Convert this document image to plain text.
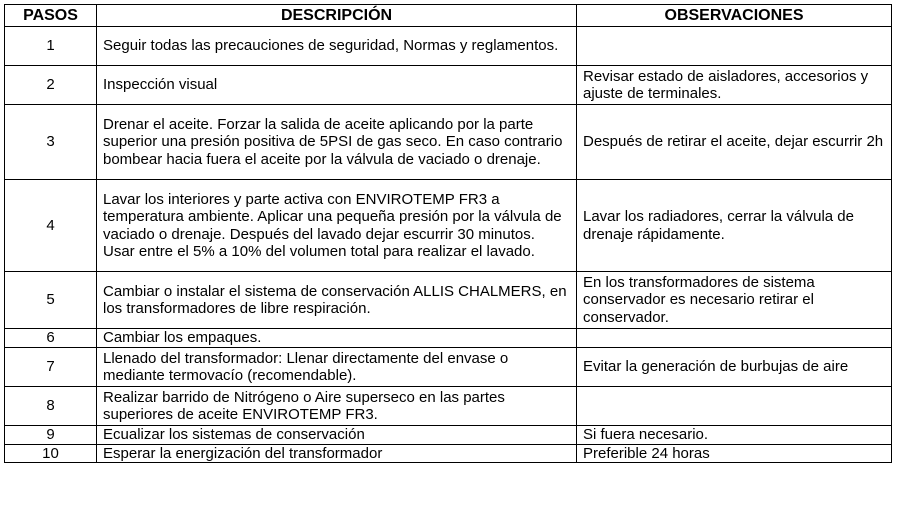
PASOS	DESCRIPCIÓN	OBSERVACIONES
1	Seguir todas las precauciones de seguridad, Normas y reglamentos.	
2	Inspección visual	Revisar estado de aisladores, accesorios y ajuste de terminales.
3	Drenar el aceite. Forzar la salida de aceite aplicando por la parte superior una presión positiva de 5PSI de gas seco. En caso contrario bombear hacia fuera el aceite por la válvula de vaciado o drenaje.	Después de retirar el aceite, dejar escurrir 2h
4	Lavar los interiores y parte activa con ENVIROTEMP FR3 a temperatura ambiente. Aplicar una pequeña presión por la válvula de vaciado o drenaje. Después del lavado dejar escurrir 30 minutos. Usar entre el 5% a 10% del volumen total para realizar el lavado.	Lavar los radiadores, cerrar la válvula de drenaje rápidamente.
5	Cambiar o instalar el sistema de conservación ALLIS CHALMERS, en los transformadores de libre respiración.	En los transformadores de sistema conservador es necesario retirar el conservador.
6	Cambiar los empaques.	
7	Llenado del transformador: Llenar directamente del envase o mediante termovacío (recomendable).	Evitar la generación de burbujas de aire
8	Realizar barrido de Nitrógeno o Aire superseco en las partes superiores de aceite ENVIROTEMP FR3.	
9	Ecualizar los sistemas de conservación	Si fuera necesario.
10	Esperar la energización del transformador	Preferible 24 horas
